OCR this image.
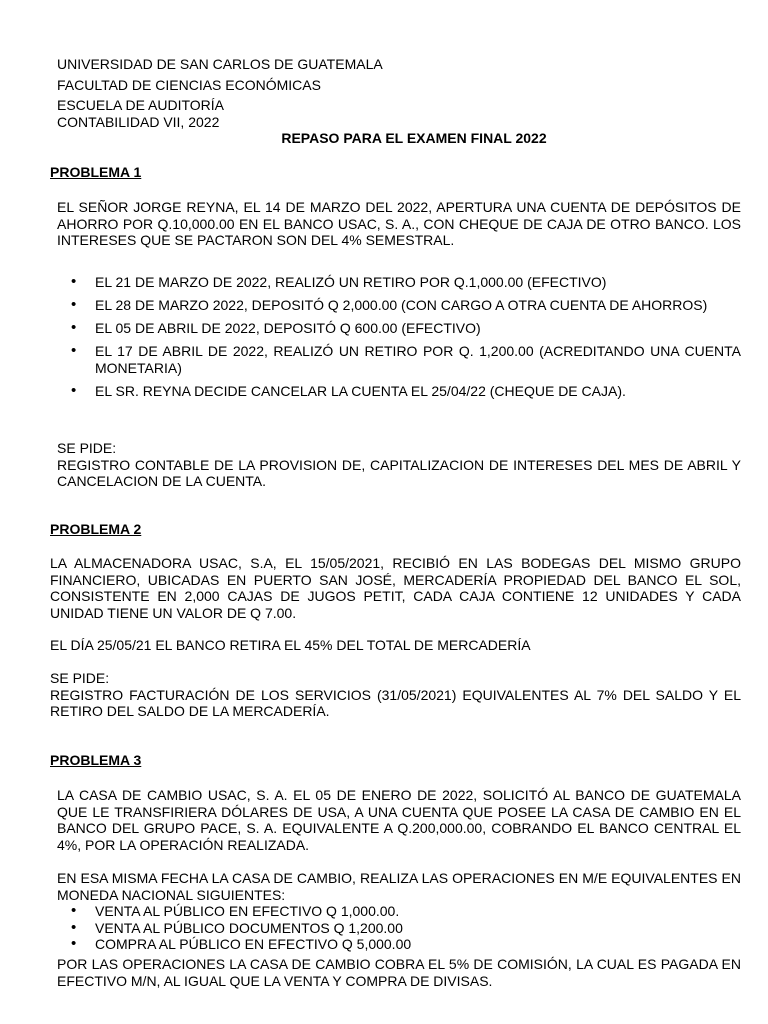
UNIVERSIDAD DE SAN CARLOS DE GUATEMALA
FACULTAD DE CIENCIAS ECONÓMICAS
ESCUELA DE AUDITORÍA
CONTABILIDAD VII, 2022
REPASO PARA EL EXAMEN FINAL 2022
PROBLEMA 1
EL SEÑOR JORGE REYNA, EL 14 DE MARZO DEL 2022, APERTURA UNA CUENTA DE DEPÓSITOS DE AHORRO POR Q.10,000.00 EN EL BANCO USAC, S. A., CON CHEQUE DE CAJA DE OTRO BANCO. LOS INTERESES QUE SE PACTARON SON DEL 4% SEMESTRAL.
• EL 21 DE MARZO DE 2022, REALIZÓ UN RETIRO POR Q.1,000.00 (EFECTIVO)
• EL 28 DE MARZO 2022, DEPOSITÓ Q 2,000.00 (CON CARGO A OTRA CUENTA DE AHORROS)
• EL 05 DE ABRIL DE 2022, DEPOSITÓ Q 600.00 (EFECTIVO)
• EL 17 DE ABRIL DE 2022, REALIZÓ UN RETIRO POR Q. 1,200.00 (ACREDITANDO UNA CUENTA MONETARIA)
• EL SR. REYNA DECIDE CANCELAR LA CUENTA EL 25/04/22 (CHEQUE DE CAJA).
SE PIDE:
REGISTRO CONTABLE DE LA PROVISION DE, CAPITALIZACION DE INTERESES DEL MES DE ABRIL Y CANCELACION DE LA CUENTA.
PROBLEMA 2
LA ALMACENADORA USAC, S.A, EL 15/05/2021, RECIBIÓ EN LAS BODEGAS DEL MISMO GRUPO FINANCIERO, UBICADAS EN PUERTO SAN JOSÉ, MERCADERÍA PROPIEDAD DEL BANCO EL SOL, CONSISTENTE EN 2,000 CAJAS DE JUGOS PETIT, CADA CAJA CONTIENE 12 UNIDADES Y CADA UNIDAD TIENE UN VALOR DE Q 7.00.
EL DÍA 25/05/21 EL BANCO RETIRA EL 45% DEL TOTAL DE MERCADERÍA
SE PIDE:
REGISTRO FACTURACIÓN DE LOS SERVICIOS (31/05/2021) EQUIVALENTES AL 7% DEL SALDO Y EL RETIRO DEL SALDO DE LA MERCADERÍA.
PROBLEMA 3
LA CASA DE CAMBIO USAC, S. A. EL 05 DE ENERO DE 2022, SOLICITÓ AL BANCO DE GUATEMALA QUE LE TRANSFIRIERA DÓLARES DE USA, A UNA CUENTA QUE POSEE LA CASA DE CAMBIO EN EL BANCO DEL GRUPO PACE, S. A. EQUIVALENTE A Q.200,000.00, COBRANDO EL BANCO CENTRAL EL 4%, POR LA OPERACIÓN REALIZADA.
EN ESA MISMA FECHA LA CASA DE CAMBIO, REALIZA LAS OPERACIONES EN M/E EQUIVALENTES EN MONEDA NACIONAL SIGUIENTES:
• VENTA AL PÚBLICO EN EFECTIVO Q 1,000.00.
• VENTA AL PÚBLICO DOCUMENTOS Q 1,200.00
• COMPRA AL PÚBLICO EN EFECTIVO Q 5,000.00
POR LAS OPERACIONES LA CASA DE CAMBIO COBRA EL 5% DE COMISIÓN, LA CUAL ES PAGADA EN EFECTIVO M/N, AL IGUAL QUE LA VENTA Y COMPRA DE DIVISAS.
